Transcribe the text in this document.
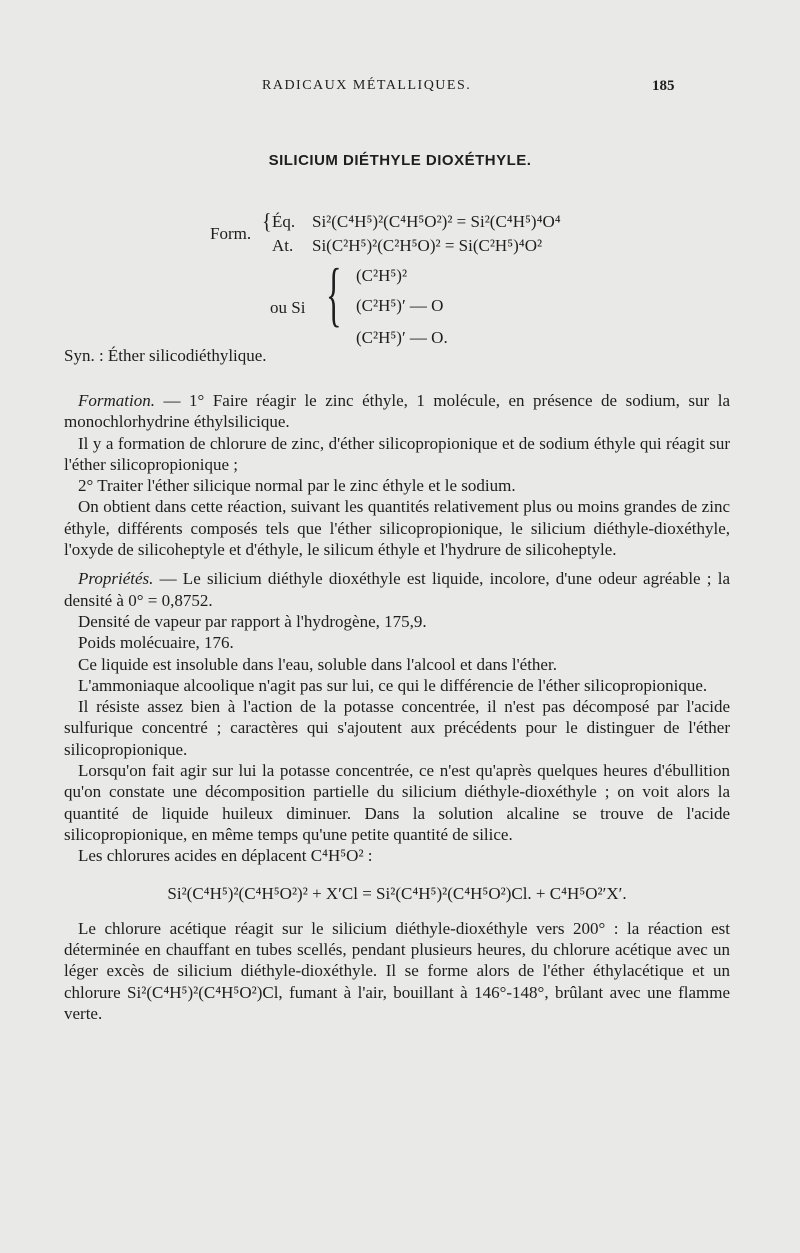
RADICAUX MÉTALLIQUES.	185
SILICIUM DIÉTHYLE DIOXÉTHYLE.
Form. { Éq. Si²(C⁴H⁵)²(C⁴H⁵O²)² = Si²(C⁴H⁵)⁴O⁴
At. Si(C²H⁵)²(C²H⁵O)² = Si(C²H⁵)⁴O²
ou Si { (C²H⁵)²
(C²H⁵)′ — O
(C²H⁵)′ — O.
Syn. : Éther silicodiéthylique.

Formation. — 1° Faire réagir le zinc éthyle, 1 molécule, en présence de sodium, sur la monochlorhydrine éthylsilicique.

Il y a formation de chlorure de zinc, d'éther silicopropionique et de sodium éthyle qui réagit sur l'éther silicopropionique ;

2° Traiter l'éther silicique normal par le zinc éthyle et le sodium.

On obtient dans cette réaction, suivant les quantités relativement plus ou moins grandes de zinc éthyle, différents composés tels que l'éther silicopropionique, le silicium diéthyle-dioxéthyle, l'oxyde de silicoheptyle et d'éthyle, le silicum éthyle et l'hydrure de silicoheptyle.

Propriétés. — Le silicium diéthyle dioxéthyle est liquide, incolore, d'une odeur agréable ; la densité à 0° = 0,8752.

Densité de vapeur par rapport à l'hydrogène, 175,9.

Poids molécuaire, 176.

Ce liquide est insoluble dans l'eau, soluble dans l'alcool et dans l'éther.

L'ammoniaque alcoolique n'agit pas sur lui, ce qui le différencie de l'éther silicopropionique.

Il résiste assez bien à l'action de la potasse concentrée, il n'est pas décomposé par l'acide sulfurique concentré ; caractères qui s'ajoutent aux précédents pour le distinguer de l'éther silicopropionique.

Lorsqu'on fait agir sur lui la potasse concentrée, ce n'est qu'après quelques heures d'ébullition qu'on constate une décomposition partielle du silicium diéthyle-dioxéthyle ; on voit alors la quantité de liquide huileux diminuer. Dans la solution alcaline se trouve de l'acide silicopropionique, en même temps qu'une petite quantité de silice.

Les chlorures acides en déplacent C⁴H⁵O² :

Si²(C⁴H⁵)²(C⁴H⁵O²)² + X′Cl = Si²(C⁴H⁵)²(C⁴H⁵O²)Cl. + C⁴H⁵O²′X′.

Le chlorure acétique réagit sur le silicium diéthyle-dioxéthyle vers 200° : la réaction est déterminée en chauffant en tubes scellés, pendant plusieurs heures, du chlorure acétique avec un léger excès de silicium diéthyle-dioxéthyle. Il se forme alors de l'éther éthylacétique et un chlorure Si²(C⁴H⁵)²(C⁴H⁵O²)Cl, fumant à l'air, bouillant à 146°-148°, brûlant avec une flamme verte.
